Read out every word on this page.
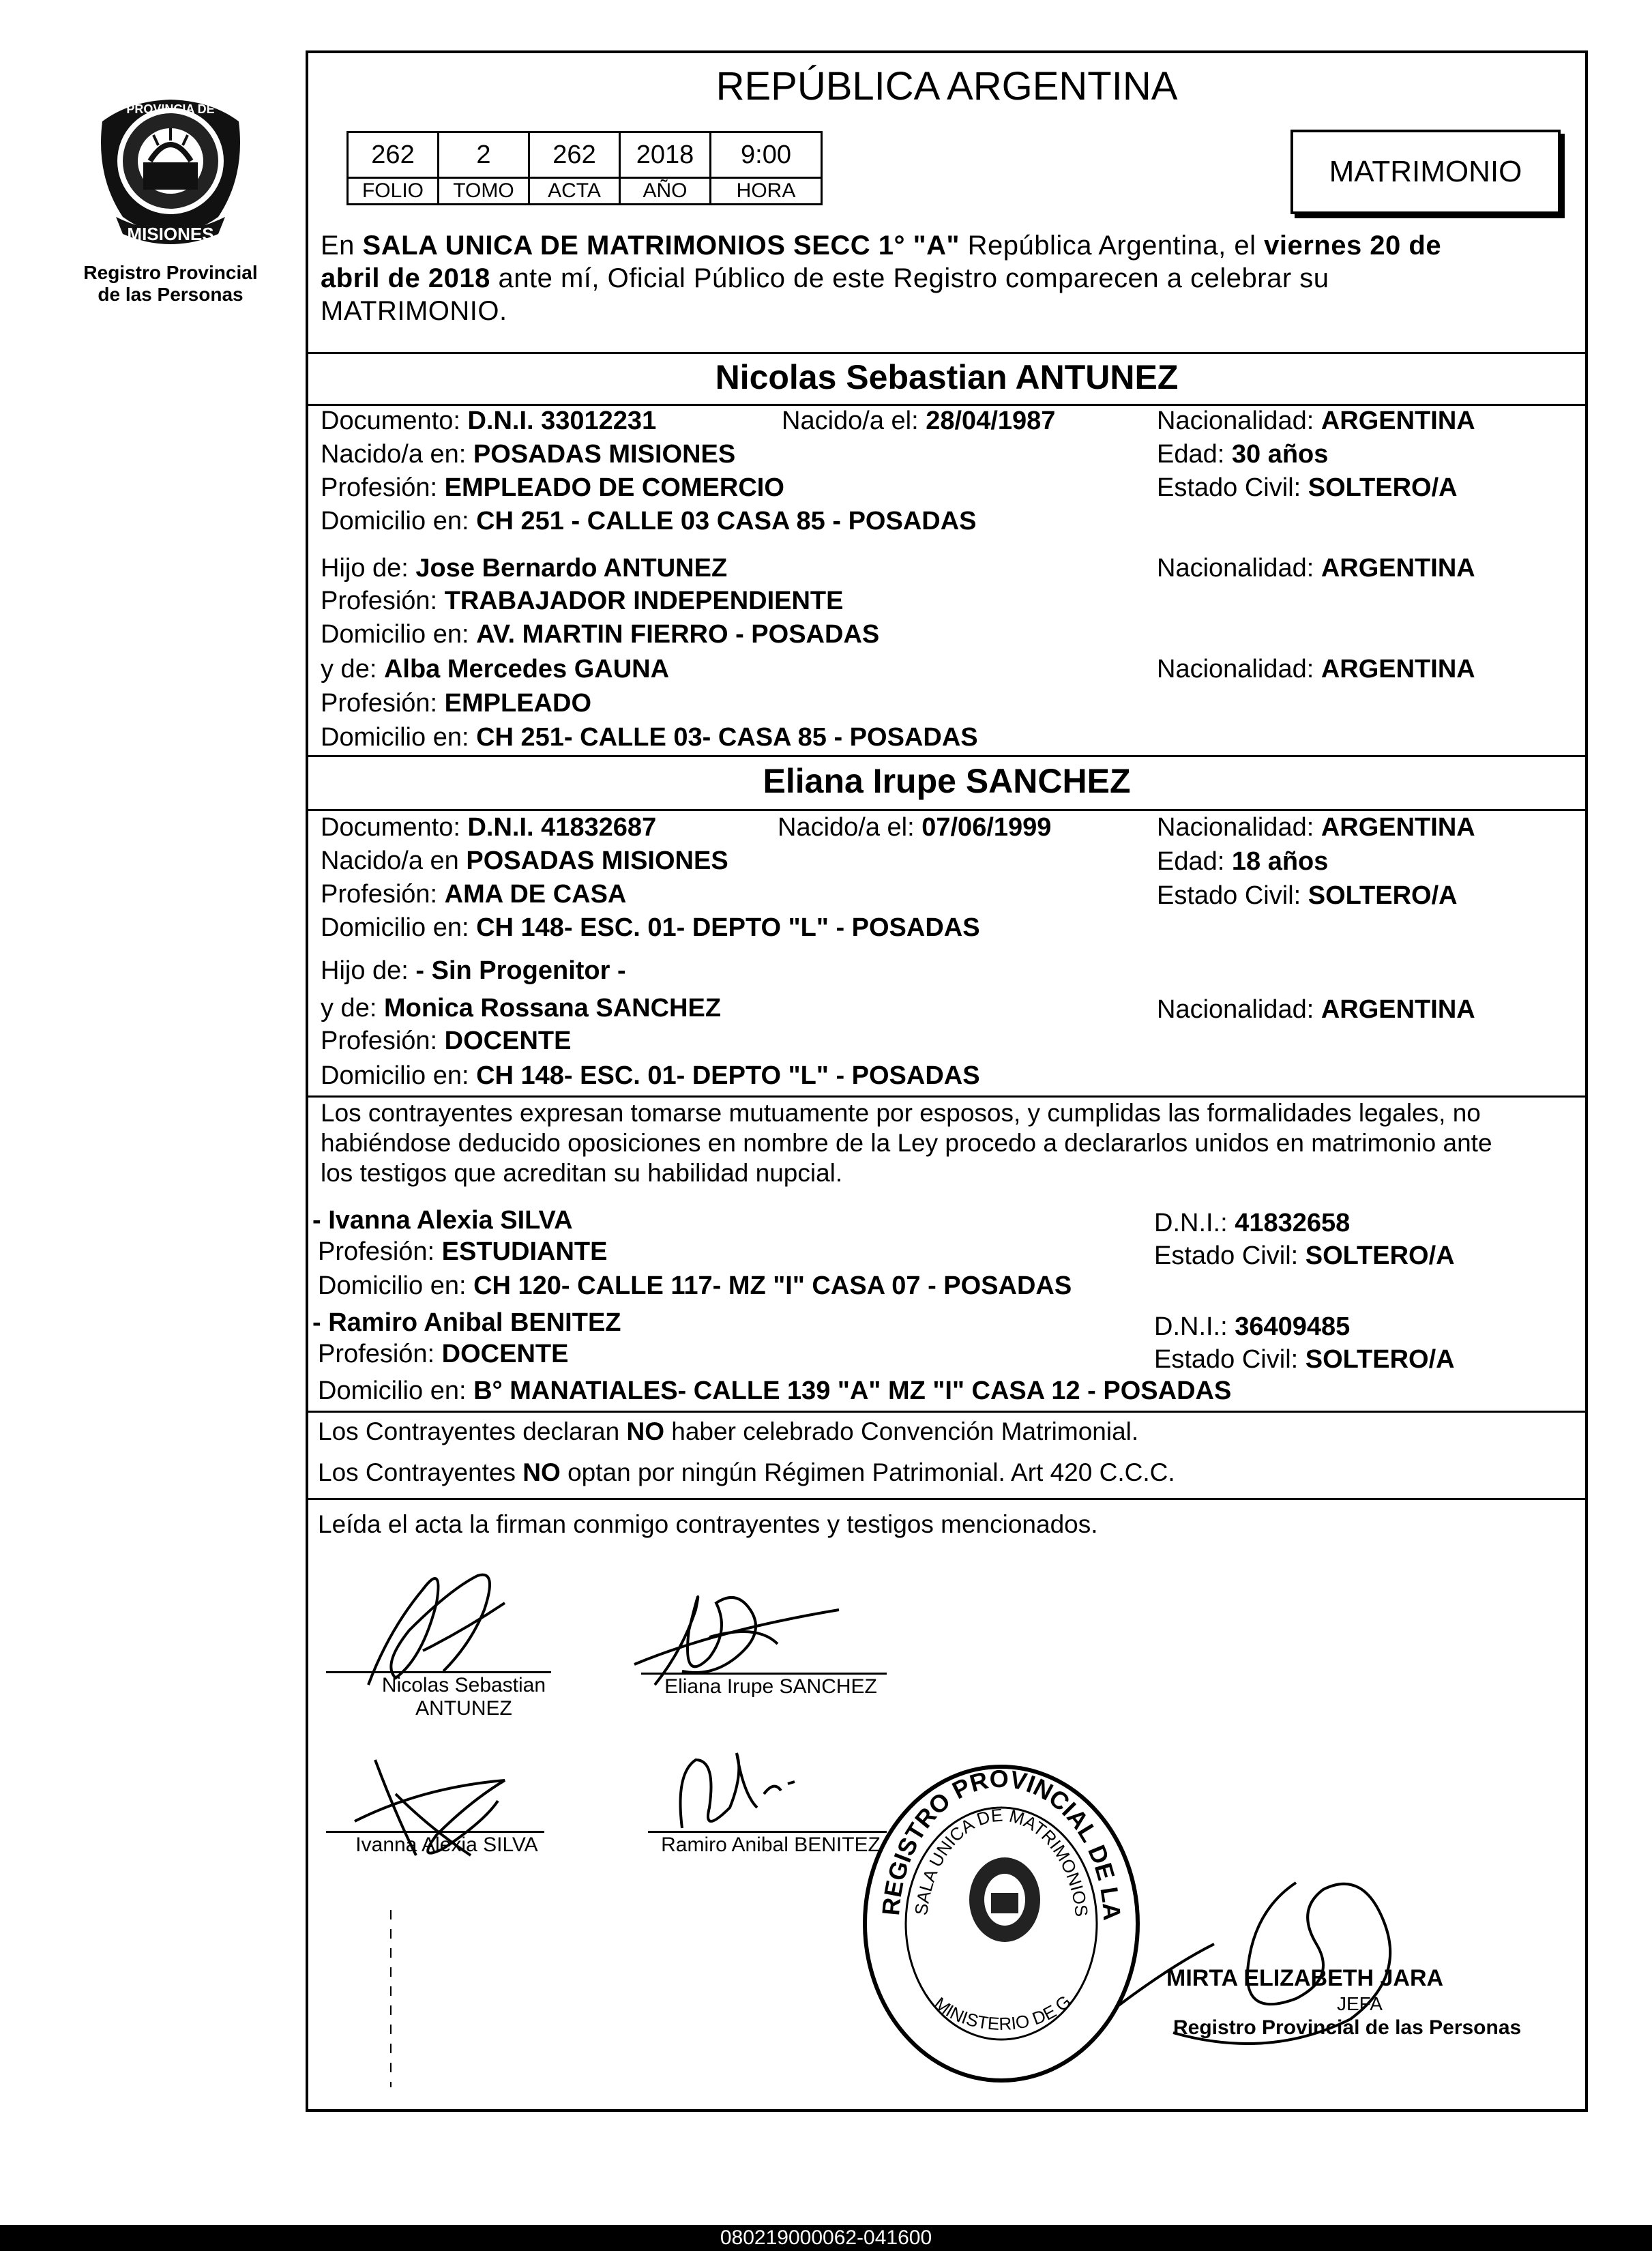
MISIONES
PROVINCIA DE
Registro Provincial
de las Personas
REPÚBLICA ARGENTINA
262	2	262	2018	9:00
FOLIO	TOMO	ACTA	AÑO	HORA
MATRIMONIO
En SALA UNICA DE MATRIMONIOS SECC 1° "A" República Argentina, el viernes 20 de
abril de 2018 ante mí, Oficial Público de este Registro comparecen a celebrar su
MATRIMONIO.
Nicolas Sebastian ANTUNEZ
Documento: D.N.I. 33012231	Nacido/a el: 28/04/1987	Nacionalidad: ARGENTINA
Nacido/a en: POSADAS MISIONES	Edad: 30 años
Profesión: EMPLEADO DE COMERCIO	Estado Civil: SOLTERO/A
Domicilio en: CH 251 - CALLE 03 CASA 85 - POSADAS
Hijo de: Jose Bernardo ANTUNEZ	Nacionalidad: ARGENTINA
Profesión: TRABAJADOR INDEPENDIENTE
Domicilio en: AV. MARTIN FIERRO - POSADAS
y de: Alba Mercedes GAUNA	Nacionalidad: ARGENTINA
Profesión: EMPLEADO
Domicilio en: CH 251- CALLE 03- CASA 85 - POSADAS
Eliana Irupe SANCHEZ
Documento: D.N.I. 41832687	Nacido/a el: 07/06/1999	Nacionalidad: ARGENTINA
Nacido/a en POSADAS MISIONES	Edad: 18 años
Profesión: AMA DE CASA	Estado Civil: SOLTERO/A
Domicilio en: CH 148- ESC. 01- DEPTO "L" - POSADAS
Hijo de: - Sin Progenitor -
y de: Monica Rossana SANCHEZ	Nacionalidad: ARGENTINA
Profesión: DOCENTE
Domicilio en: CH 148- ESC. 01- DEPTO "L" - POSADAS
Los contrayentes expresan tomarse mutuamente por esposos, y cumplidas las formalidades legales, no
habiéndose deducido oposiciones en nombre de la Ley procedo a declararlos unidos en matrimonio ante
los testigos que acreditan su habilidad nupcial.
- Ivanna Alexia SILVA	D.N.I.: 41832658
Profesión: ESTUDIANTE	Estado Civil: SOLTERO/A
Domicilio en: CH 120- CALLE 117- MZ "I" CASA 07 - POSADAS
- Ramiro Anibal BENITEZ	D.N.I.: 36409485
Profesión: DOCENTE	Estado Civil: SOLTERO/A
Domicilio en: B° MANATIALES- CALLE 139 "A" MZ "I" CASA 12 - POSADAS
Los Contrayentes declaran NO haber celebrado Convención Matrimonial.
Los Contrayentes NO optan por ningún Régimen Patrimonial. Art 420 C.C.C.
Leída el acta la firman conmigo contrayentes y testigos mencionados.
Nicolas Sebastian
ANTUNEZ
Eliana Irupe SANCHEZ
Ivanna Alexia SILVA	Ramiro Anibal BENITEZ
REGISTRO PROVINCIAL DE LA
SALA UNICA DE MATRIMONIOS
MINISTERIO DE G
MIRTA ELIZABETH JARA
JEFA
Registro Provincial de las Personas
080219000062-041600
